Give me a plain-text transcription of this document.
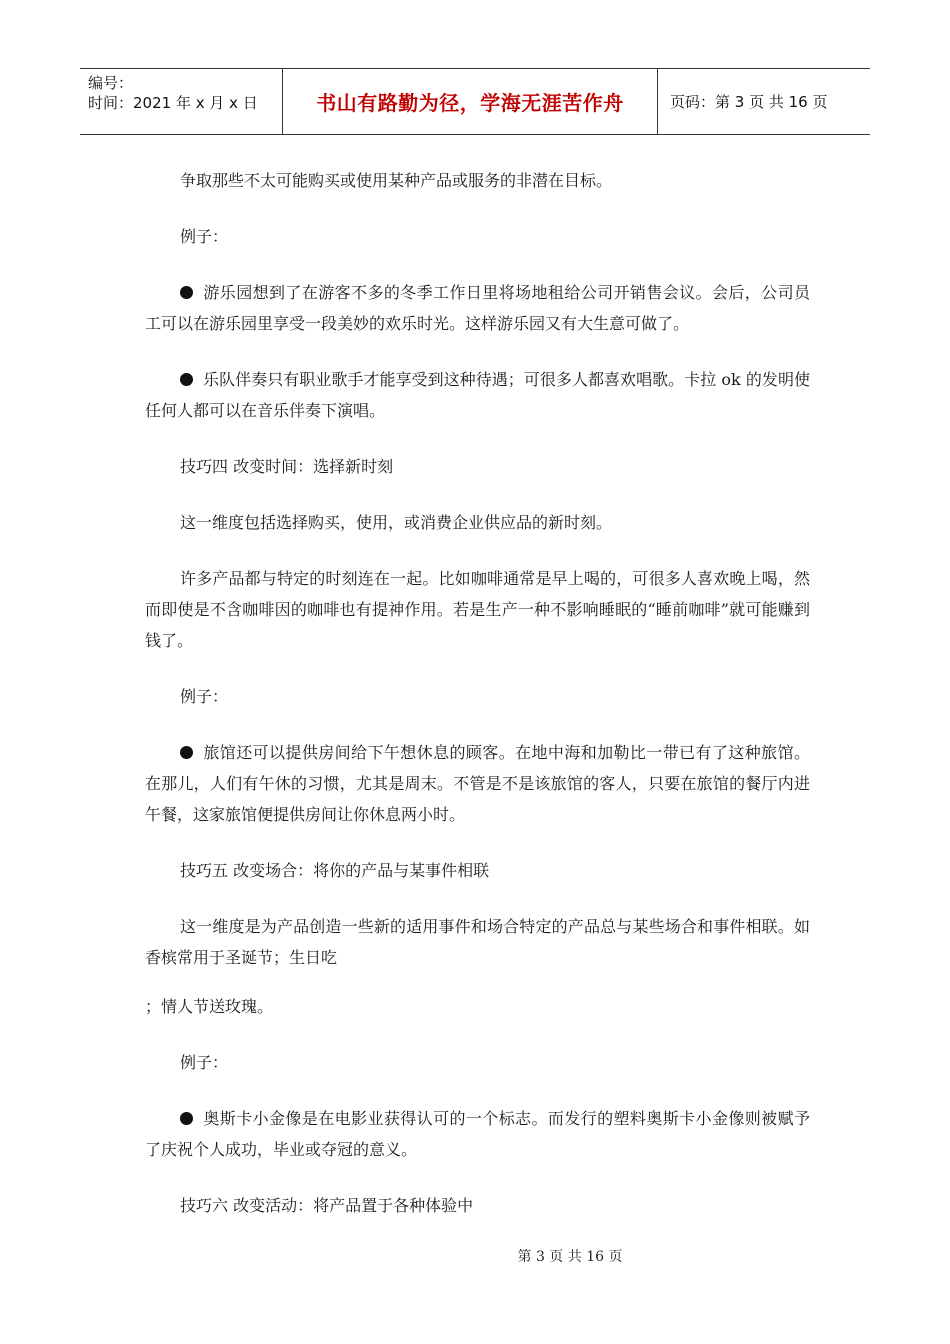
编号：
时间：2021 年 x 月 x 日	书山有路勤为径，学海无涯苦作舟	页码：第 3 页 共 16 页

争取那些不太可能购买或使用某种产品或服务的非潜在目标。

例子：

游乐园想到了在游客不多的冬季工作日里将场地租给公司开销售会议。会后，公司员工可以在游乐园里享受一段美妙的欢乐时光。这样游乐园又有大生意可做了。

乐队伴奏只有职业歌手才能享受到这种待遇；可很多人都喜欢唱歌。卡拉 ok 的发明使任何人都可以在音乐伴奏下演唱。

技巧四 改变时间：选择新时刻

这一维度包括选择购买，使用，或消费企业供应品的新时刻。

许多产品都与特定的时刻连在一起。比如咖啡通常是早上喝的，可很多人喜欢晚上喝，然而即使是不含咖啡因的咖啡也有提神作用。若是生产一种不影响睡眠的“睡前咖啡”就可能赚到钱了。

例子：

旅馆还可以提供房间给下午想休息的顾客。在地中海和加勒比一带已有了这种旅馆。在那儿，人们有午休的习惯，尤其是周末。不管是不是该旅馆的客人，只要在旅馆的餐厅内进午餐，这家旅馆便提供房间让你休息两小时。

技巧五 改变场合：将你的产品与某事件相联

这一维度是为产品创造一些新的适用事件和场合特定的产品总与某些场合和事件相联。如香槟常用于圣诞节；生日吃

；情人节送玫瑰。

例子：

奥斯卡小金像是在电影业获得认可的一个标志。而发行的塑料奥斯卡小金像则被赋予了庆祝个人成功，毕业或夺冠的意义。

技巧六 改变活动：将产品置于各种体验中

第 3 页 共 16 页
